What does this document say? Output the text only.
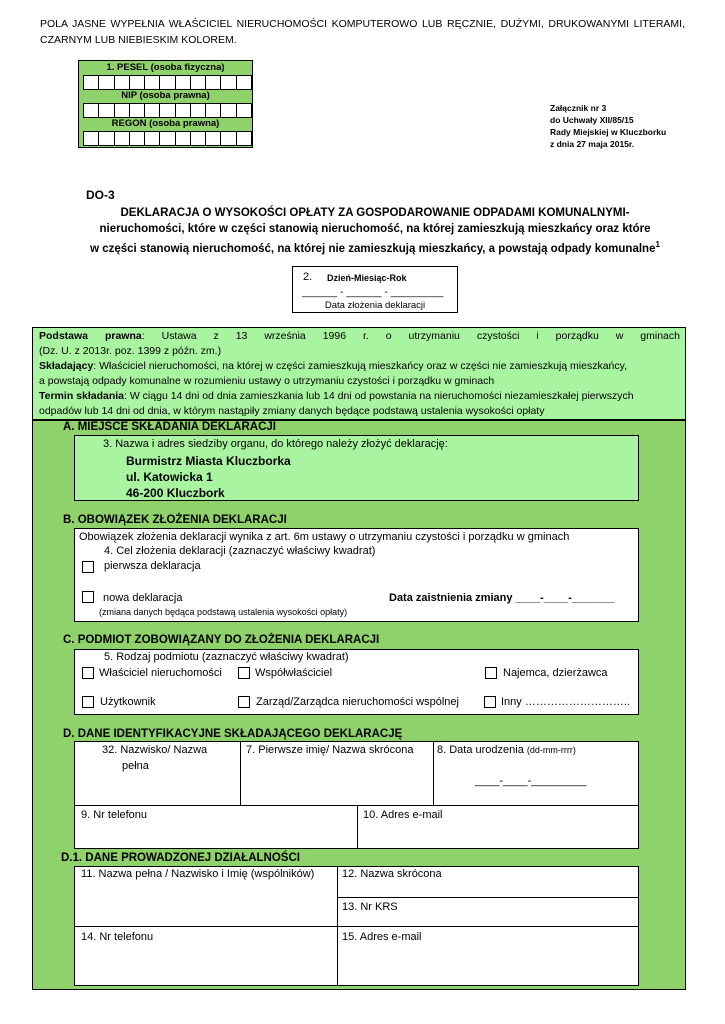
POLA JASNE WYPEŁNIA WŁAŚCICIEL NIERUCHOMOŚCI KOMPUTEROWO LUB RĘCZNIE, DUŻYMI, DRUKOWANYMI LITERAMI, CZARNYM LUB NIEBIESKIM KOLOREM.
1. PESEL (osoba fizyczna)

NIP (osoba prawna)

REGON (osoba prawna)

Załącznik nr 3
do Uchwały XII/85/15
Rady Miejskiej w Kluczborku
z dnia 27 maja 2015r.
DO-3
DEKLARACJA O WYSOKOŚCI OPŁATY ZA GOSPODAROWANIE ODPADAMI KOMUNALNYMI-
nieruchomości, które w części stanowią nieruchomość, na której zamieszkują mieszkańcy oraz które
w części stanowią nieruchomość, na której nie zamieszkują mieszkańcy, a powstają odpady komunalne$^1$
2. Dzień-Miesiąc-Rok
______ - ______ - _________
Data złożenia deklaracji
Podstawa prawna: Ustawa z 13 września 1996 r. o utrzymaniu czystości i porządku w gminach
(Dz. U. z 2013r. poz. 1399 z późn. zm.)
Składający: Właściciel nieruchomości, na której w części zamieszkują mieszkańcy oraz w części nie zamieszkują mieszkańcy,
a powstają odpady komunalne w rozumieniu ustawy o utrzymaniu czystości i porządku w gminach
Termin składania: W ciągu 14 dni od dnia zamieszkania lub 14 dni od powstania na nieruchomości niezamieszkałej pierwszych
odpadów lub 14 dni od dnia, w którym nastąpiły zmiany danych będące podstawą ustalenia wysokości opłaty
A. MIEJSCE SKŁADANIA DEKLARACJI
3. Nazwa i adres siedziby organu, do którego należy złożyć deklarację:
Burmistrz Miasta Kluczborka
ul. Katowicka 1
46-200 Kluczbork
B. OBOWIĄZEK ZŁOŻENIA DEKLARACJI
Obowiązek złożenia deklaracji wynika z art. 6m ustawy o utrzymaniu czystości i porządku w gminach
4. Cel złożenia deklaracji (zaznaczyć właściwy kwadrat)
pierwsza deklaracja
nowa deklaracja
(zmiana danych będąca podstawą ustalenia wysokości opłaty)
Data zaistnienia zmiany ____-____-_______
C. PODMIOT ZOBOWIĄZANY DO ZŁOŻENIA DEKLARACJI
5. Rodzaj podmiotu (zaznaczyć właściwy kwadrat)
Właściciel nieruchomości	Współwłaściciel	Najemca, dzierżawca
Użytkownik	Zarząd/Zarządca nieruchomości wspólnej	Inny ………………………..
D. DANE IDENTYFIKACYJNE SKŁADAJĄCEGO DEKLARACJĘ
32. Nazwisko/ Nazwa
pełna
7. Pierwsze imię/ Nazwa skrócona 8. Data urodzenia (dd-mm-rrrr)
____-____-_________
9. Nr telefonu	10. Adres e-mail
D.1. DANE PROWADZONEJ DZIAŁALNOŚCI
11. Nazwa pełna / Nazwisko i Imię (wspólników)	12. Nazwa skrócona
13. Nr KRS
14. Nr telefonu	15. Adres e-mail
